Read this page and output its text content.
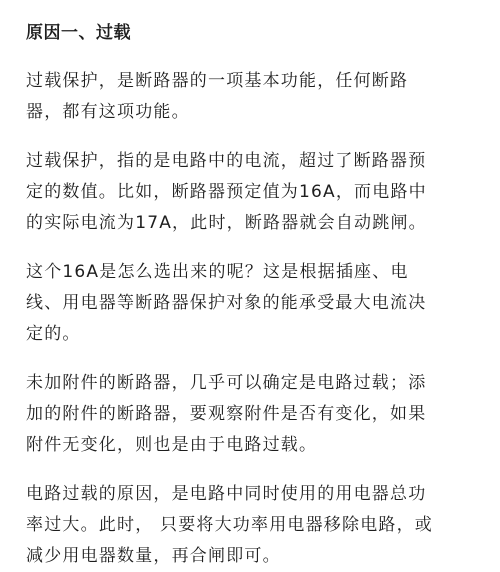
原因一、过载

过载保护，是断路器的一项基本功能，任何断路
器，都有这项功能。

过载保护，指的是电路中的电流，超过了断路器预
定的数值。比如，断路器预定值为16A，而电路中
的实际电流为17A，此时，断路器就会自动跳闸。

这个16A是怎么选出来的呢？这是根据插座、电
线、用电器等断路器保护对象的能承受最大电流决
定的。

未加附件的断路器，几乎可以确定是电路过载；添
加的附件的断路器，要观察附件是否有变化，如果
附件无变化，则也是由于电路过载。

电路过载的原因，是电路中同时使用的用电器总功
率过大。此时， 只要将大功率用电器移除电路，或
减少用电器数量，再合闸即可。
